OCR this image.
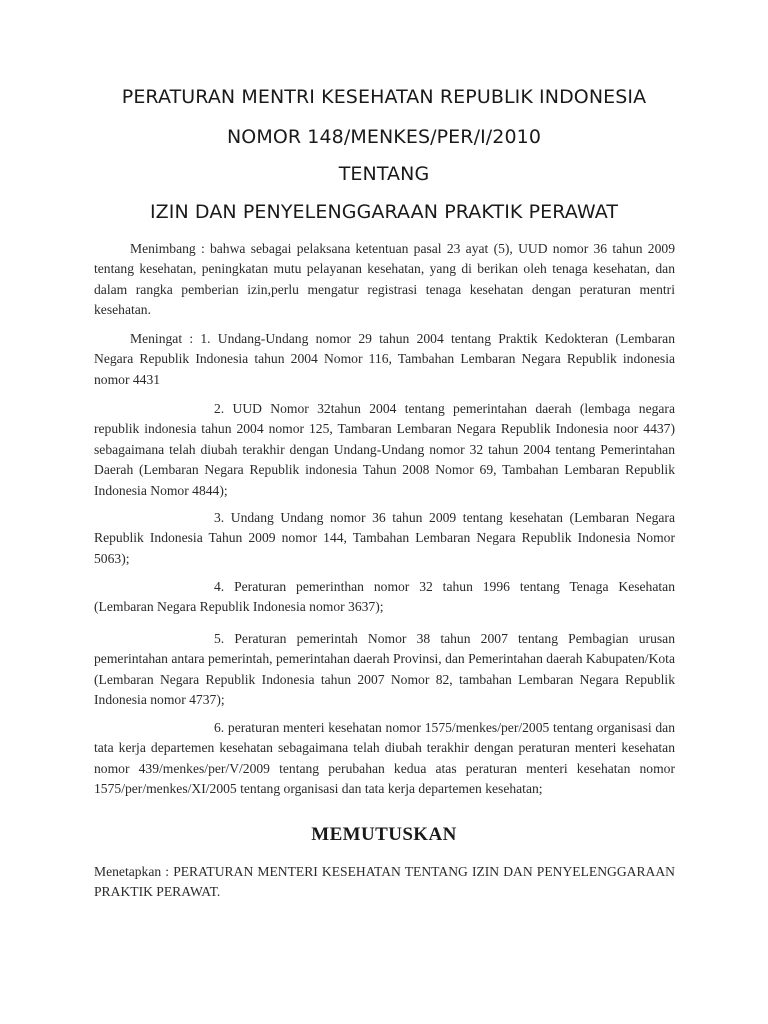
PERATURAN MENTRI KESEHATAN REPUBLIK INDONESIA
NOMOR 148/MENKES/PER/I/2010
TENTANG
IZIN DAN PENYELENGGARAAN PRAKTIK PERAWAT

Menimbang : bahwa sebagai pelaksana ketentuan pasal 23 ayat (5), UUD nomor 36 tahun 2009 tentang kesehatan, peningkatan mutu pelayanan kesehatan, yang di berikan oleh tenaga kesehatan, dan dalam rangka pemberian izin,perlu mengatur registrasi tenaga kesehatan dengan peraturan mentri kesehatan.

Meningat : 1. Undang-Undang nomor 29 tahun 2004 tentang Praktik Kedokteran (Lembaran Negara Republik Indonesia tahun 2004 Nomor 116, Tambahan Lembaran Negara Republik indonesia nomor 4431

2. UUD Nomor 32tahun 2004 tentang pemerintahan daerah (lembaga negara republik indonesia tahun 2004 nomor 125, Tambaran Lembaran Negara Republik Indonesia noor 4437) sebagaimana telah diubah terakhir dengan Undang-Undang nomor 32 tahun 2004 tentang Pemerintahan Daerah (Lembaran Negara Republik indonesia Tahun 2008 Nomor 69, Tambahan Lembaran Republik Indonesia Nomor 4844);

3. Undang Undang nomor 36 tahun 2009 tentang kesehatan (Lembaran Negara Republik Indonesia Tahun 2009 nomor 144, Tambahan Lembaran Negara Republik Indonesia Nomor 5063);

4. Peraturan pemerinthan nomor 32 tahun 1996 tentang Tenaga Kesehatan (Lembaran Negara Republik Indonesia nomor 3637);

5. Peraturan pemerintah Nomor 38 tahun 2007 tentang Pembagian urusan pemerintahan antara pemerintah, pemerintahan daerah Provinsi, dan Pemerintahan daerah Kabupaten/Kota (Lembaran Negara Republik Indonesia tahun 2007 Nomor 82, tambahan Lembaran Negara Republik Indonesia nomor 4737);

6. peraturan menteri kesehatan nomor 1575/menkes/per/2005 tentang organisasi dan tata kerja departemen kesehatan sebagaimana telah diubah terakhir dengan peraturan menteri kesehatan nomor 439/menkes/per/V/2009 tentang perubahan kedua atas peraturan menteri kesehatan nomor 1575/per/menkes/XI/2005 tentang organisasi dan tata kerja departemen kesehatan;

MEMUTUSKAN

Menetapkan : PERATURAN MENTERI KESEHATAN TENTANG IZIN DAN PENYELENGGARAAN PRAKTIK PERAWAT.
